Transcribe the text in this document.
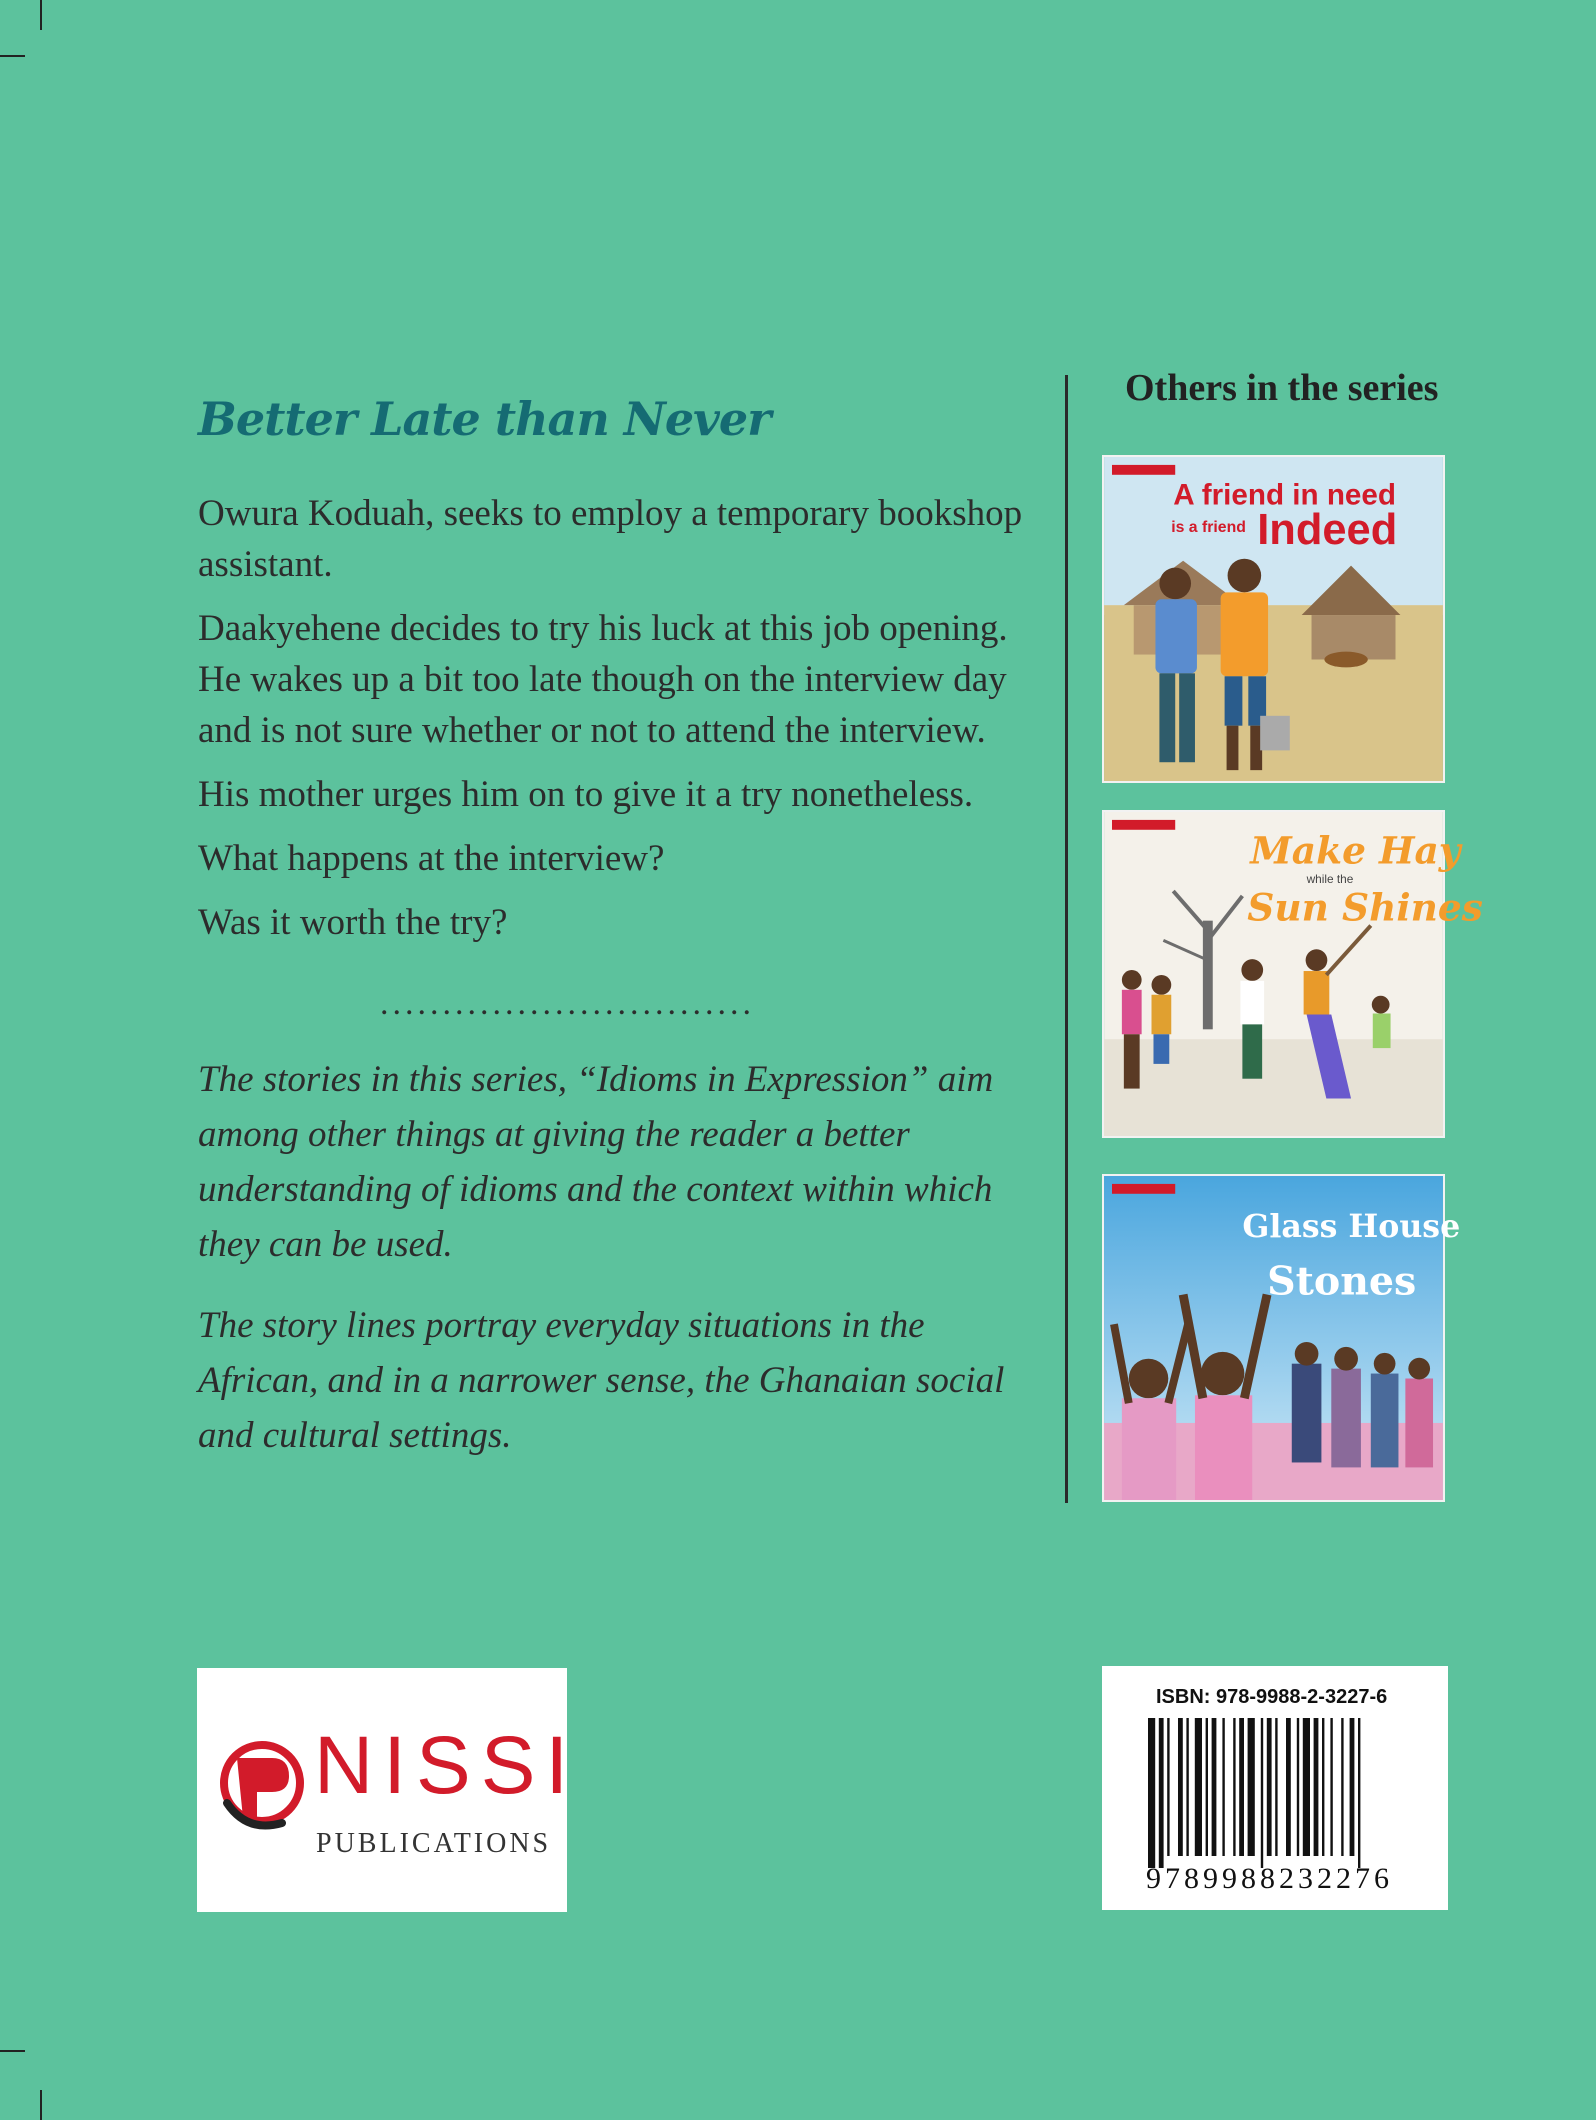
Better Late than Never

Owura Koduah, seeks to employ a temporary bookshop assistant.

Daakyehene decides to try his luck at this job opening. He wakes up a bit too late though on the interview day and is not sure whether or not to attend the interview.

His mother urges him on to give it a try nonetheless.

What happens at the interview?

Was it worth the try?

..............................

The stories in this series, “Idioms in Expression” aim among other things at giving the reader a better understanding of idioms and the context within which they can be used.

The story lines portray everyday situations in the African, and in a narrower sense, the Ghanaian social and cultural settings.

Others in the series
A friend in need
is a friend Indeed
Make Hay
while the
Sun Shines
Glass House
Stones
NISSI
PUBLICATIONS
ISBN: 978-9988-2-3227-6
9789988232276
